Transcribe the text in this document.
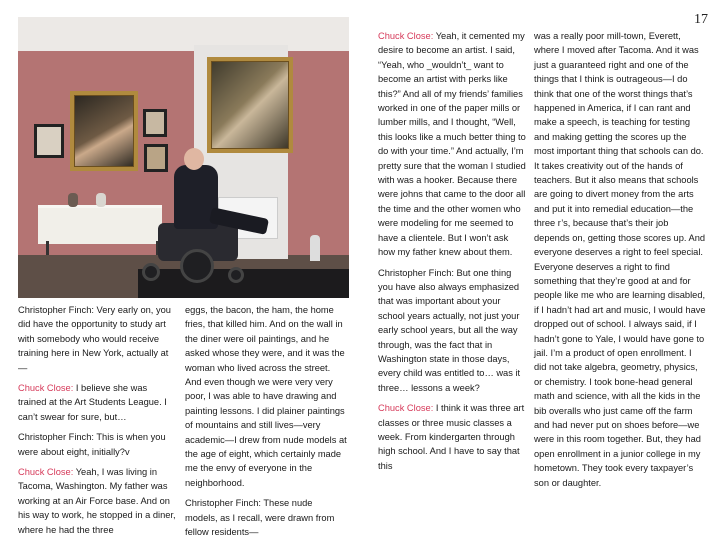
17

Christopher Finch: Very early on, you did have the opportunity to study art with somebody who would receive training here in New York, actually at—

Chuck Close: I believe she was trained at the Art Students League. I can’t swear for sure, but…

Christopher Finch: This is when you were about eight, initially?v

Chuck Close: Yeah, I was living in Tacoma, Washington. My father was working at an Air Force base. And on his way to work, he stopped in a diner, where he had the three

eggs, the bacon, the ham, the home fries, that killed him. And on the wall in the diner were oil paintings, and he asked whose they were, and it was the woman who lived across the street. And even though we were very very poor, I was able to have drawing and painting lessons. I did plainer paintings of mountains and still lives—very academic—I drew from nude models at the age of eight, which certainly made me the envy of everyone in the neighborhood.

Christopher Finch: These nude models, as I recall, were drawn from fellow residents—

Chuck Close: Yeah, it cemented my desire to become an artist. I said, “Yeah, who _wouldn’t_ want to become an artist with perks like this?” And all of my friends’ families worked in one of the paper mills or lumber mills, and I thought, “Well, this looks like a much better thing to do with your time.” And actually, I’m pretty sure that the woman I studied with was a hooker. Because there were johns that came to the door all the time and the other women who were modeling for me seemed to have a clientele. But I won’t ask how my father knew about them.

Christopher Finch: But one thing you have also always emphasized that was important about your school years actually, not just your early school years, but all the way through, was the fact that in Washington state in those days, every child was entitled to… was it three… lessons a week?

Chuck Close: I think it was three art classes or three music classes a week. From kindergarten through high school. And I have to say that this

was a really poor mill-town, Everett, where I moved after Tacoma. And it was just a guaranteed right and one of the things that I think is outrageous—I do think that one of the worst things that’s happened in America, if I can rant and make a speech, is teaching for testing and making getting the scores up the most important thing that schools can do. It takes creativity out of the hands of teachers. But it also means that schools are going to divert money from the arts and put it into remedial education—the three r’s, because that’s their job depends on, getting those scores up. And everyone deserves a right to feel special. Everyone deserves a right to find something that they’re good at and for people like me who are learning disabled, if I hadn’t had art and music, I would have dropped out of school. I always said, if I hadn’t gone to Yale, I would have gone to jail. I’m a product of open enrollment. I did not take algebra, geometry, physics, or chemistry. I took bone-head general math and science, with all the kids in the bib overalls who just came off the farm and had never put on shoes before—we were in this room together. But, they had open enrollment in a junior college in my hometown. They took every taxpayer’s son or daughter.
